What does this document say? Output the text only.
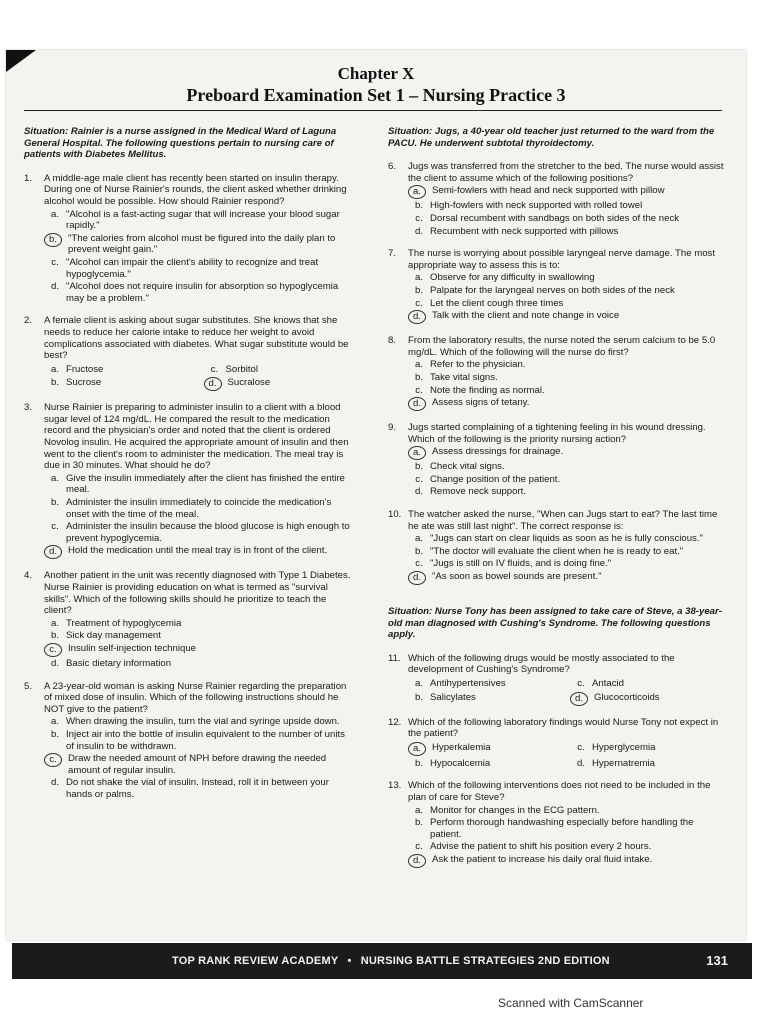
Chapter X
Preboard Examination Set 1 – Nursing Practice 3
Situation: Rainier is a nurse assigned in the Medical Ward of Laguna General Hospital. The following questions pertain to nursing care of patients with Diabetes Mellitus.
1.	A middle-age male client has recently been started on insulin therapy. During one of Nurse Rainier's rounds, the client asked whether drinking alcohol would be possible. How should Rainier respond?
a. "Alcohol is a fast-acting sugar that will increase your blood sugar rapidly."
b.	"The calories from alcohol must be figured into the daily plan to prevent weight gain."
c. "Alcohol can impair the client's ability to recognize and treat hypoglycemia."
d. "Alcohol does not require insulin for absorption so hypoglycemia may be a problem."
2.	A female client is asking about sugar substitutes. She knows that she needs to reduce her calorie intake to reduce her weight to avoid complications associated with diabetes. What sugar substitute would be best?
a. Fructose	c. Sorbitol
b. Sucrose	d.	Sucralose
3.	Nurse Rainier is preparing to administer insulin to a client with a blood sugar level of 124 mg/dL. He compared the result to the medication record and the physician's order and noted that the client is ordered Novolog insulin. He acquired the appropriate amount of insulin and then went to the client's room to administer the medication. The meal tray is due in 30 minutes. What should he do?
a. Give the insulin immediately after the client has finished the entire meal.
b. Administer the insulin immediately to coincide the medication's onset with the time of the meal.
c. Administer the insulin because the blood glucose is high enough to prevent hypoglycemia.
d.	Hold the medication until the meal tray is in front of the client.
4.	Another patient in the unit was recently diagnosed with Type 1 Diabetes. Nurse Rainier is providing education on what is termed as "survival skills". Which of the following skills should he prioritize to teach the client?
a. Treatment of hypoglycemia
b. Sick day management
c.	Insulin self-injection technique
d. Basic dietary information
5.	A 23-year-old woman is asking Nurse Rainier regarding the preparation of mixed dose of insulin. Which of the following instructions should he NOT give to the patient?
a. When drawing the insulin, turn the vial and syringe upside down.
b. Inject air into the bottle of insulin equivalent to the number of units of insulin to be withdrawn.
c.	Draw the needed amount of NPH before drawing the needed amount of regular insulin.
d. Do not shake the vial of insulin. Instead, roll it in between your hands or palms.
Situation: Jugs, a 40-year old teacher just returned to the ward from the PACU. He underwent subtotal thyroidectomy.
6.	Jugs was transferred from the stretcher to the bed. The nurse would assist the client to assume which of the following positions?
a.	Semi-fowlers with head and neck supported with pillow
b. High-fowlers with neck supported with rolled towel
c. Dorsal recumbent with sandbags on both sides of the neck
d. Recumbent with neck supported with pillows
7.	The nurse is worrying about possible laryngeal nerve damage. The most appropriate way to assess this is to:
a. Observe for any difficulty in swallowing
b. Palpate for the laryngeal nerves on both sides of the neck
c. Let the client cough three times
d.	Talk with the client and note change in voice
8.	From the laboratory results, the nurse noted the serum calcium to be 5.0 mg/dL. Which of the following will the nurse do first?
a. Refer to the physician.
b. Take vital signs.
c. Note the finding as normal.
d.	Assess signs of tetany.
9.	Jugs started complaining of a tightening feeling in his wound dressing. Which of the following is the priority nursing action?
a.	Assess dressings for drainage.
b. Check vital signs.
c. Change position of the patient.
d. Remove neck support.
10. The watcher asked the nurse, "When can Jugs start to eat? The last time he ate was still last night". The correct response is:
a. "Jugs can start on clear liquids as soon as he is fully conscious."
b. "The doctor will evaluate the client when he is ready to eat."
c. "Jugs is still on IV fluids, and is doing fine."
d.	"As soon as bowel sounds are present."
Situation: Nurse Tony has been assigned to take care of Steve, a 38-year-old man diagnosed with Cushing's Syndrome. The following questions apply.
11. Which of the following drugs would be mostly associated to the development of Cushing's Syndrome?
a. Antihypertensives	c. Antacid
b. Salicylates	d.	Glucocorticoids
12. Which of the following laboratory findings would Nurse Tony not expect in the patient?
a.	Hyperkalemia	c. Hyperglycemia
b. Hypocalcemia	d. Hypernatremia
13. Which of the following interventions does not need to be included in the plan of care for Steve?
a. Monitor for changes in the ECG pattern.
b. Perform thorough handwashing especially before handling the patient.
c. Advise the patient to shift his position every 2 hours.
d.	Ask the patient to increase his daily oral fluid intake.
TOP RANK REVIEW ACADEMY • NURSING BATTLE STRATEGIES 2ND EDITION	131
Scanned with CamScanner
